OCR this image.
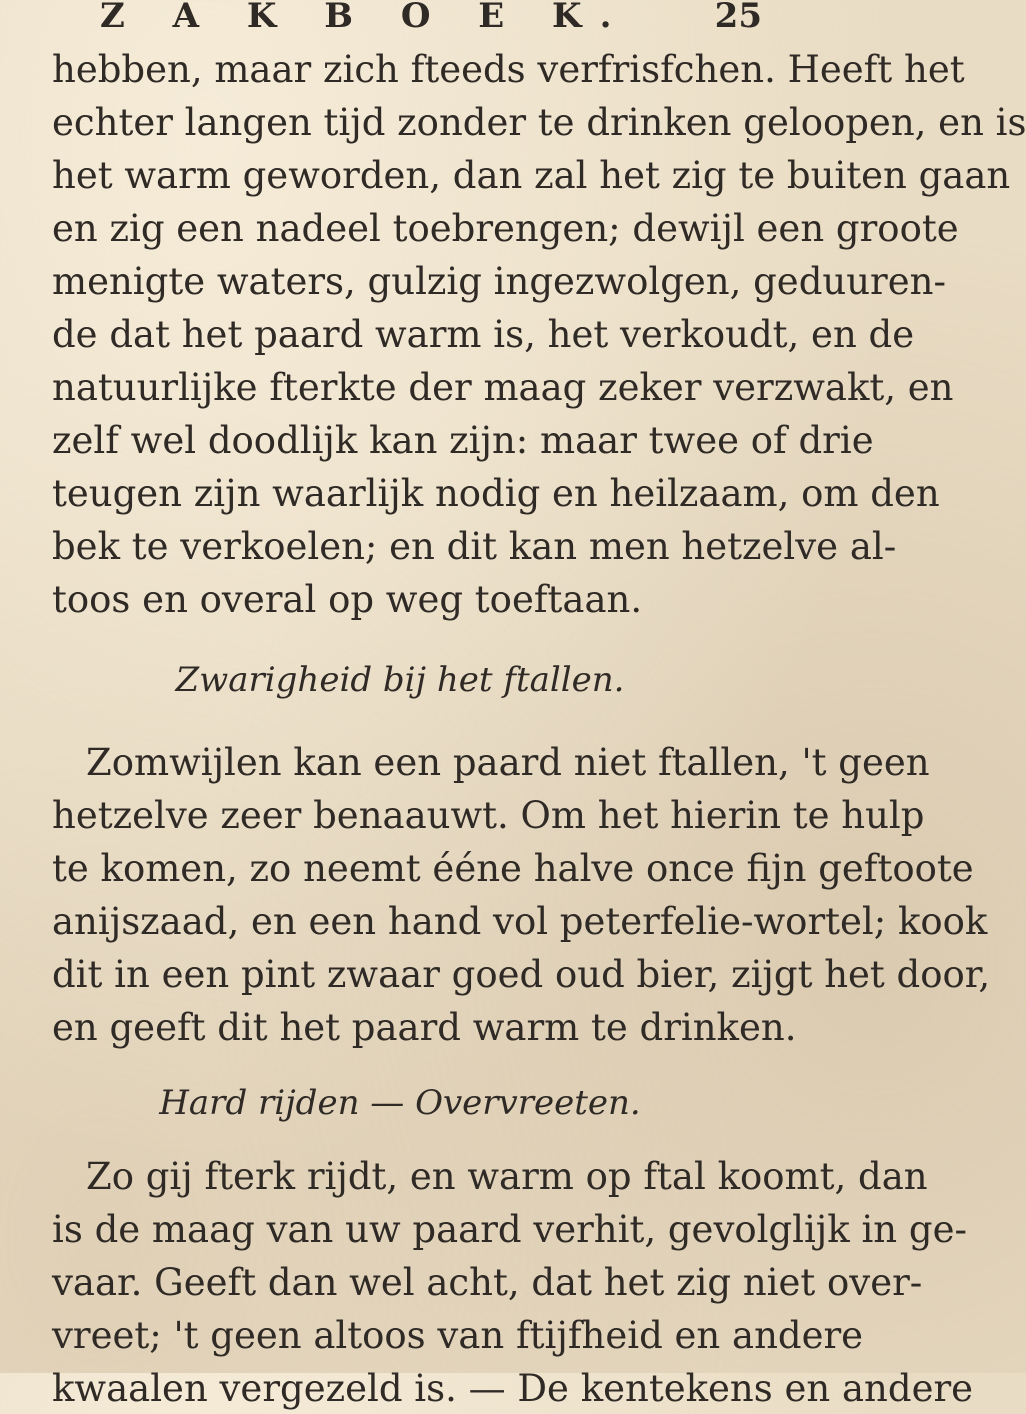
Z A K B O E K.	25
hebben, maar zich fteeds verfrisfchen. Heeft het
echter langen tijd zonder te drinken geloopen, en is
het warm geworden, dan zal het zig te buiten gaan
en zig een nadeel toebrengen; dewijl een groote
menigte waters, gulzig ingezwolgen, geduuren-
de dat het paard warm is, het verkoudt, en de
natuurlijke fterkte der maag zeker verzwakt, en
zelf wel doodlijk kan zijn: maar twee of drie
teugen zijn waarlijk nodig en heilzaam, om den
bek te verkoelen; en dit kan men hetzelve al-
toos en overal op weg toeftaan.
Zwarigheid bij het ftallen.
Zomwijlen kan een paard niet ftallen, 't geen
hetzelve zeer benaauwt. Om het hierin te hulp
te komen, zo neemt ééne halve once fijn geftoote
anijszaad, en een hand vol peterfelie-wortel; kook
dit in een pint zwaar goed oud bier, zijgt het door,
en geeft dit het paard warm te drinken.
Hard rijden — Overvreeten.
Zo gij fterk rijdt, en warm op ftal koomt, dan
is de maag van uw paard verhit, gevolglijk in ge-
vaar. Geeft dan wel acht, dat het zig niet over-
vreet; 't geen altoos van ftijfheid en andere
kwaalen vergezeld is. — De kentekens en andere
